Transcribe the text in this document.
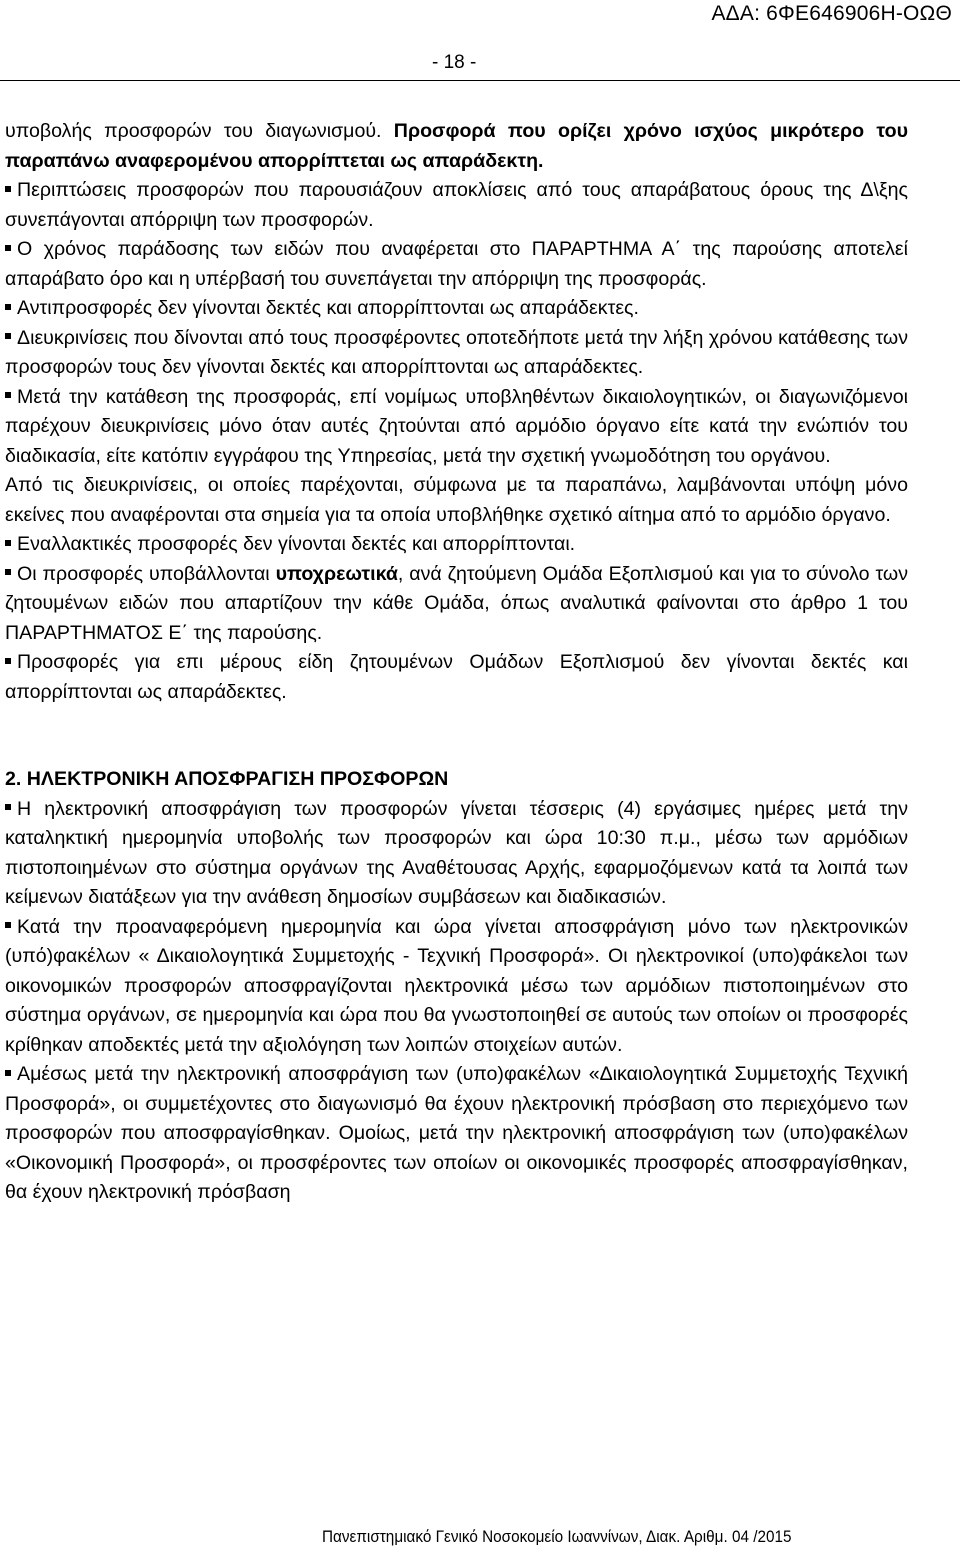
ΑΔΑ: 6ΦΕ646906Η-ΟΩΘ
- 18 -

υποβολής προσφορών του διαγωνισμού. Προσφορά που ορίζει χρόνο ισχύος μικρότερο του παραπάνω αναφερομένου απορρίπτεται ως απαράδεκτη.

Περιπτώσεις προσφορών που παρουσιάζουν αποκλίσεις από τους απαράβατους όρους της Δ\ξης συνεπάγονται απόρριψη των προσφορών.

Ο χρόνος παράδοσης των ειδών που αναφέρεται στο ΠΑΡΑΡΤΗΜΑ Α΄ της παρούσης αποτελεί απαράβατο όρο και η υπέρβασή του συνεπάγεται την απόρριψη της προσφοράς.

Αντιπροσφορές δεν γίνονται δεκτές και απορρίπτονται ως απαράδεκτες.

Διευκρινίσεις που δίνονται από τους προσφέροντες οποτεδήποτε μετά την λήξη χρόνου κατάθεσης των προσφορών τους δεν γίνονται δεκτές και απορρίπτονται ως απαράδεκτες.

Μετά την κατάθεση της προσφοράς, επί νομίμως υποβληθέντων δικαιολογητικών, οι διαγωνιζόμενοι παρέχουν διευκρινίσεις μόνο όταν αυτές ζητούνται από αρμόδιο όργανο είτε κατά την ενώπιόν του διαδικασία, είτε κατόπιν εγγράφου της Υπηρεσίας, μετά την σχετική γνωμοδότηση του οργάνου.

Από τις διευκρινίσεις, οι οποίες παρέχονται, σύμφωνα με τα παραπάνω, λαμβάνονται υπόψη μόνο εκείνες που αναφέρονται στα σημεία για τα οποία υποβλήθηκε σχετικό αίτημα από το αρμόδιο όργανο.

Εναλλακτικές προσφορές δεν γίνονται δεκτές και απορρίπτονται.

Οι προσφορές υποβάλλονται υποχρεωτικά, ανά ζητούμενη Ομάδα Εξοπλισμού και για το σύνολο των ζητουμένων ειδών που απαρτίζουν την κάθε Ομάδα, όπως αναλυτικά φαίνονται στο άρθρο 1 του ΠΑΡΑΡΤΗΜΑΤΟΣ Ε΄ της παρούσης.

Προσφορές για επι μέρους είδη ζητουμένων Ομάδων Εξοπλισμού δεν γίνονται δεκτές και απορρίπτονται ως απαράδεκτες.

2. ΗΛΕΚΤΡΟΝΙΚΗ ΑΠΟΣΦΡΑΓΙΣΗ ΠΡΟΣΦΟΡΩΝ

Η ηλεκτρονική αποσφράγιση των προσφορών γίνεται τέσσερις (4) εργάσιμες ημέρες μετά την καταληκτική ημερομηνία υποβολής των προσφορών και ώρα 10:30 π.μ., μέσω των αρμόδιων πιστοποιημένων στο σύστημα οργάνων της Αναθέτουσας Αρχής, εφαρμοζόμενων κατά τα λοιπά των κείμενων διατάξεων για την ανάθεση δημοσίων συμβάσεων και διαδικασιών.

Κατά την προαναφερόμενη ημερομηνία και ώρα γίνεται αποσφράγιση μόνο των ηλεκτρονικών (υπό)φακέλων « Δικαιολογητικά Συμμετοχής - Τεχνική Προσφορά». Οι ηλεκτρονικοί (υπο)φάκελοι των οικονομικών προσφορών αποσφραγίζονται ηλεκτρονικά μέσω των αρμόδιων πιστοποιημένων στο σύστημα οργάνων, σε ημερομηνία και ώρα που θα γνωστοποιηθεί σε αυτούς των οποίων οι προσφορές κρίθηκαν αποδεκτές μετά την αξιολόγηση των λοιπών στοιχείων αυτών.

Αμέσως μετά την ηλεκτρονική αποσφράγιση των (υπο)φακέλων «Δικαιολογητικά Συμμετοχής Τεχνική Προσφορά», οι συμμετέχοντες στο διαγωνισμό θα έχουν ηλεκτρονική πρόσβαση στο περιεχόμενο των προσφορών που αποσφραγίσθηκαν. Ομοίως, μετά την ηλεκτρονική αποσφράγιση των (υπο)φακέλων «Οικονομική Προσφορά», οι προσφέροντες των οποίων οι οικονομικές προσφορές αποσφραγίσθηκαν, θα έχουν ηλεκτρονική πρόσβαση

Πανεπιστημιακό Γενικό Νοσοκομείο Ιωαννίνων, Διακ. Αριθμ. 04 /2015
